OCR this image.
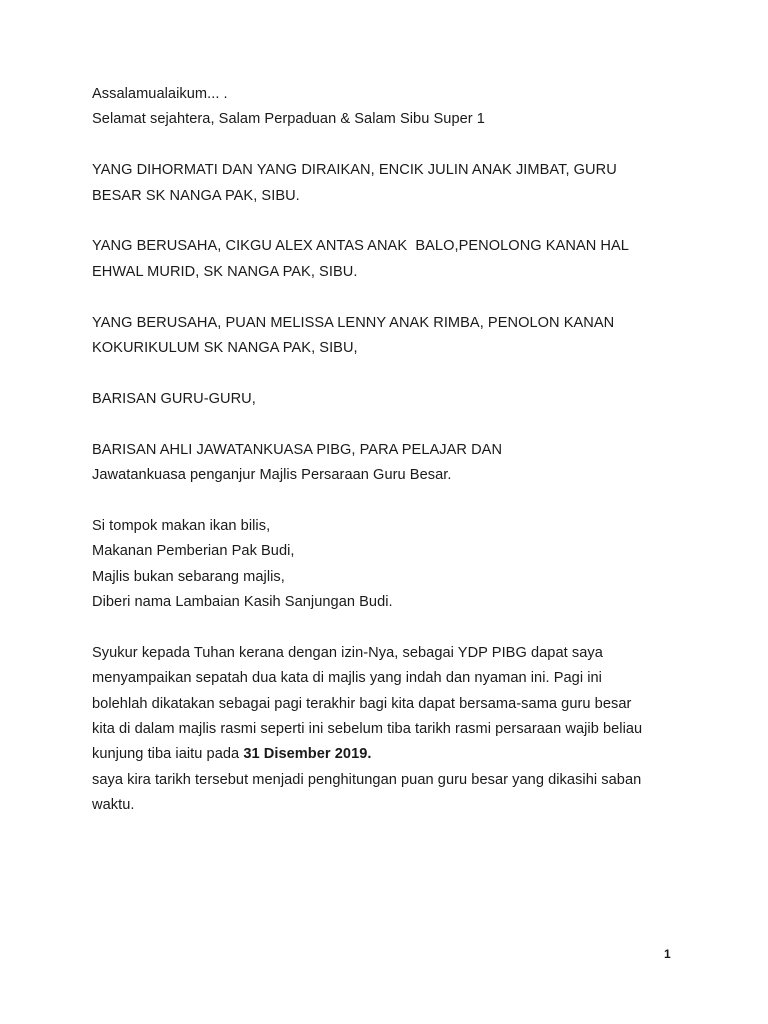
Assalamualaikum... .
Selamat sejahtera, Salam Perpaduan & Salam Sibu Super 1
YANG DIHORMATI DAN YANG DIRAIKAN, ENCIK JULIN ANAK JIMBAT, GURU
BESAR SK NANGA PAK, SIBU.
YANG BERUSAHA, CIKGU ALEX ANTAS ANAK  BALO,PENOLONG KANAN HAL
EHWAL MURID, SK NANGA PAK, SIBU.
YANG BERUSAHA, PUAN MELISSA LENNY ANAK RIMBA, PENOLON KANAN
KOKURIKULUM SK NANGA PAK, SIBU,
BARISAN GURU-GURU,
BARISAN AHLI JAWATANKUASA PIBG, PARA PELAJAR DAN
Jawatankuasa penganjur Majlis Persaraan Guru Besar.
Si tompok makan ikan bilis,
Makanan Pemberian Pak Budi,
Majlis bukan sebarang majlis,
Diberi nama Lambaian Kasih Sanjungan Budi.
Syukur kepada Tuhan kerana dengan izin-Nya, sebagai YDP PIBG dapat saya
menyampaikan sepatah dua kata di majlis yang indah dan nyaman ini. Pagi ini
bolehlah dikatakan sebagai pagi terakhir bagi kita dapat bersama-sama guru besar
kita di dalam majlis rasmi seperti ini sebelum tiba tarikh rasmi persaraan wajib beliau
kunjung tiba iaitu pada 31 Disember 2019.
saya kira tarikh tersebut menjadi penghitungan puan guru besar yang dikasihi saban
waktu.
1
